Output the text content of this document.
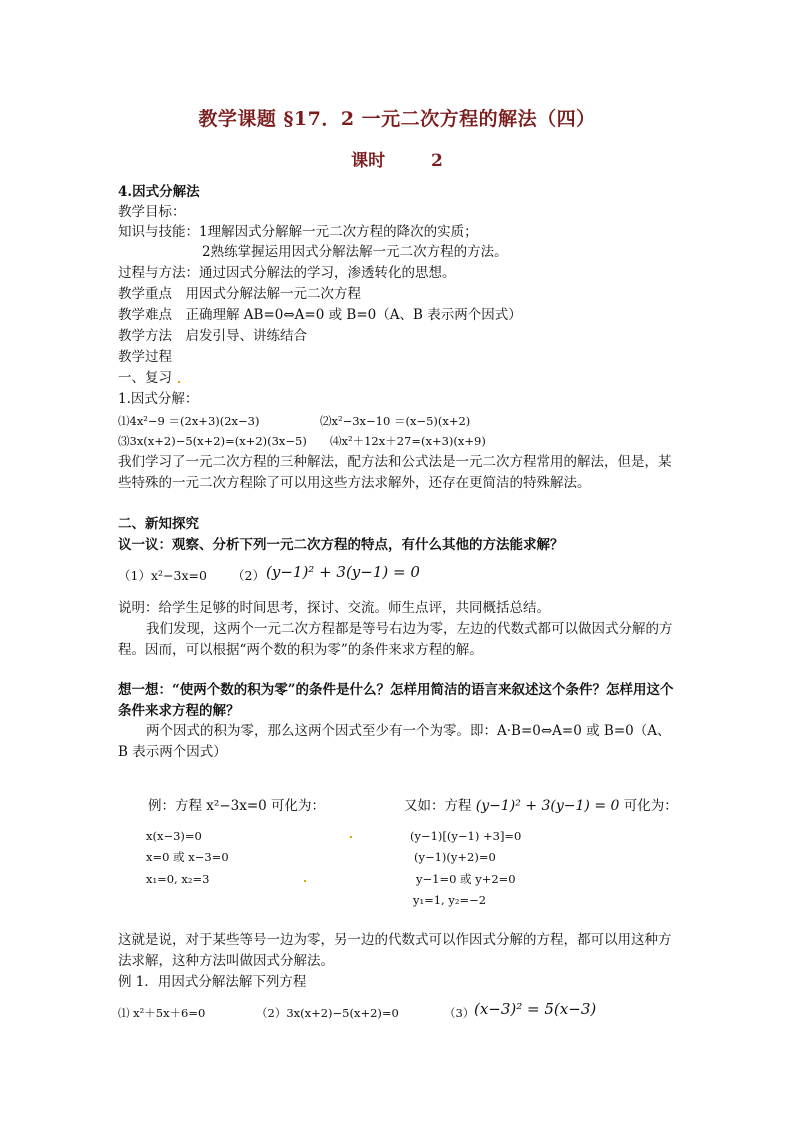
教学课题 §17．2 一元二次方程的解法（四）
课时	2
4.因式分解法
教学目标：
知识与技能：1理解因式分解解一元二次方程的降次的实质；
2熟练掌握运用因式分解法解一元二次方程的方法。
过程与方法：通过因式分解法的学习，渗透转化的思想。
教学重点　用因式分解法解一元二次方程
教学难点　正确理解 AB=0⇔A=0 或 B=0（A、B 表示两个因式）
教学方法　启发引导、讲练结合
教学过程
一、复习
1.因式分解：
⑴4x²−9 ＝(2x+3)(2x−3)	⑵x²−3x−10 ＝(x−5)(x+2)
⑶3x(x+2)−5(x+2)=(x+2)(3x−5) ⑷x²＋12x＋27=(x+3)(x+9)
我们学习了一元二次方程的三种解法，配方法和公式法是一元二次方程常用的解法，但是，某些特殊的一元二次方程除了可以用这些方法求解外，还存在更简洁的特殊解法。
二、新知探究
议一议：观察、分析下列一元二次方程的特点，有什么其他的方法能求解？
（1）x²−3x=0 （2） (y−1)² + 3(y−1) = 0
说明：给学生足够的时间思考，探讨、交流。师生点评，共同概括总结。
我们发现，这两个一元二次方程都是等号右边为零，左边的代数式都可以做因式分解的方程。因而，可以根据“两个数的积为零”的条件来求方程的解。
想一想：“使两个数的积为零”的条件是什么？怎样用简洁的语言来叙述这个条件？怎样用这个条件来求方程的解？
两个因式的积为零，那么这两个因式至少有一个为零。即：A·B=0⇔A=0 或 B=0（A、B 表示两个因式）
例：方程 x²−3x=0 可化为：
x(x−3)=0
x=0 或 x−3=0
x₁=0, x₂=3
又如：方程 (y−1)² + 3(y−1) = 0 可化为：
(y−1)[(y−1) +3]=0
(y−1)(y+2)=0
y−1=0 或 y+2=0
y₁=1, y₂=−2
这就是说，对于某些等号一边为零，另一边的代数式可以作因式分解的方程，都可以用这种方法求解，这种方法叫做因式分解法。
例 1．用因式分解法解下列方程
⑴ x²＋5x＋6=0	（2）3x(x+2)−5(x+2)=0	（3） (x−3)² = 5(x−3)
